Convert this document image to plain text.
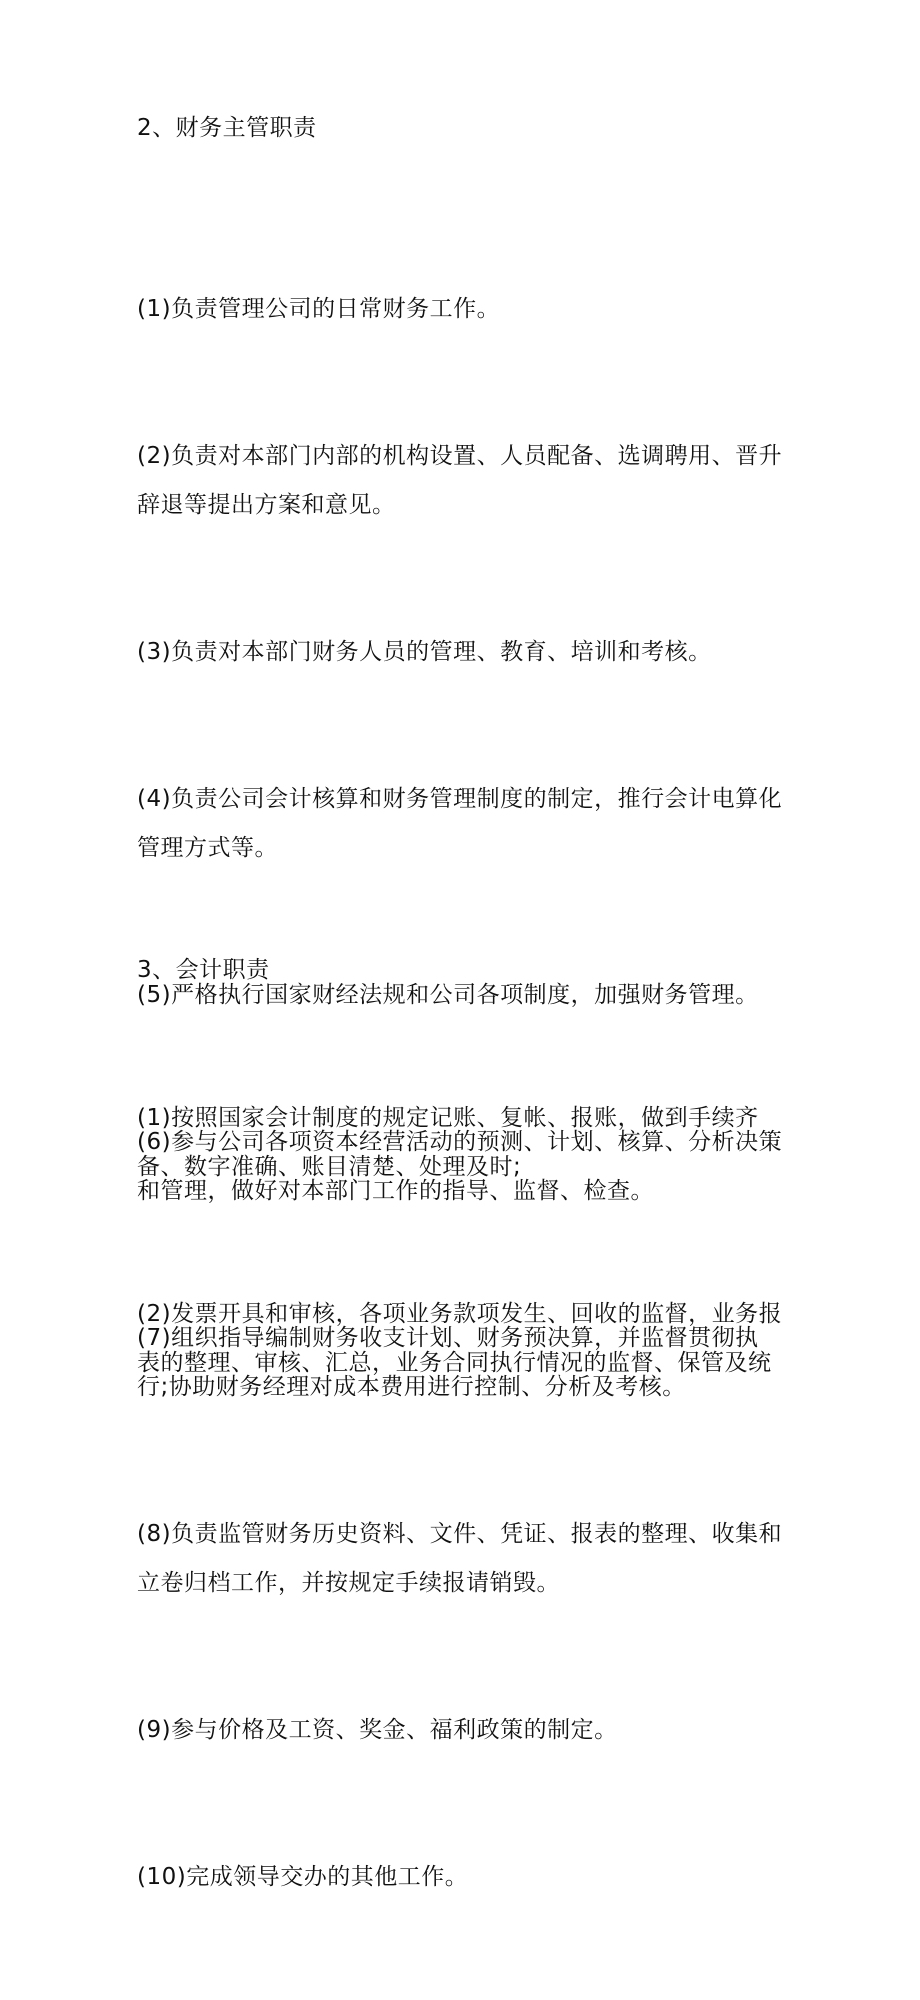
2、财务主管职责

(1)负责管理公司的日常财务工作。

(2)负责对本部门内部的机构设置、人员配备、选调聘用、晋升辞退等提出方案和意见。

(3)负责对本部门财务人员的管理、教育、培训和考核。

(4)负责公司会计核算和财务管理制度的制定，推行会计电算化管理方式等。

(5)严格执行国家财经法规和公司各项制度，加强财务管理。

(6)参与公司各项资本经营活动的预测、计划、核算、分析决策和管理，做好对本部门工作的指导、监督、检查。

(7)组织指导编制财务收支计划、财务预决算，并监督贯彻执行;协助财务经理对成本费用进行控制、分析及考核。

(8)负责监管财务历史资料、文件、凭证、报表的整理、收集和立卷归档工作，并按规定手续报请销毁。

(9)参与价格及工资、奖金、福利政策的制定。

(10)完成领导交办的其他工作。

3、会计职责

(1)按照国家会计制度的规定记账、复帐、报账，做到手续齐备、数字准确、账目清楚、处理及时;

(2)发票开具和审核，各项业务款项发生、回收的监督，业务报表的整理、审核、汇总，业务合同执行情况的监督、保管及统
